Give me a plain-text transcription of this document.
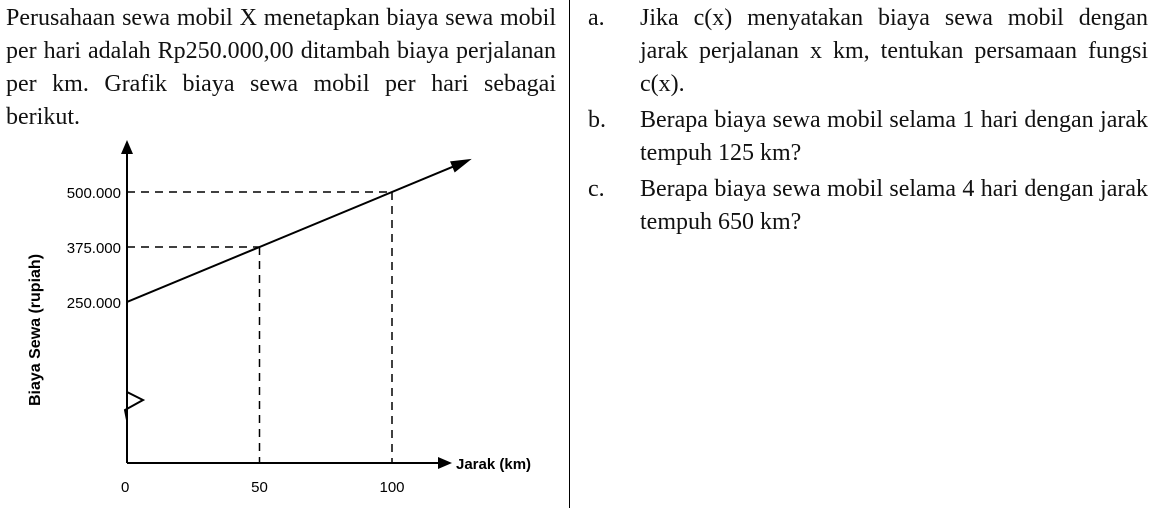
Perusahaan sewa mobil X menetapkan biaya sewa mobil per hari adalah Rp250.000,00 ditambah biaya perjalanan per km. Grafik biaya sewa mobil per hari sebagai berikut.

250.000
375.000
500.000
0	50	100
Jarak (km)
Biaya Sewa (rupiah)
a.	Jika c(x) menyatakan biaya sewa mobil dengan jarak perjalanan x km, tentukan persamaan fungsi c(x).
b.	Berapa biaya sewa mobil selama 1 hari dengan jarak tempuh 125 km?
c.	Berapa biaya sewa mobil selama 4 hari dengan jarak tempuh 650 km?
